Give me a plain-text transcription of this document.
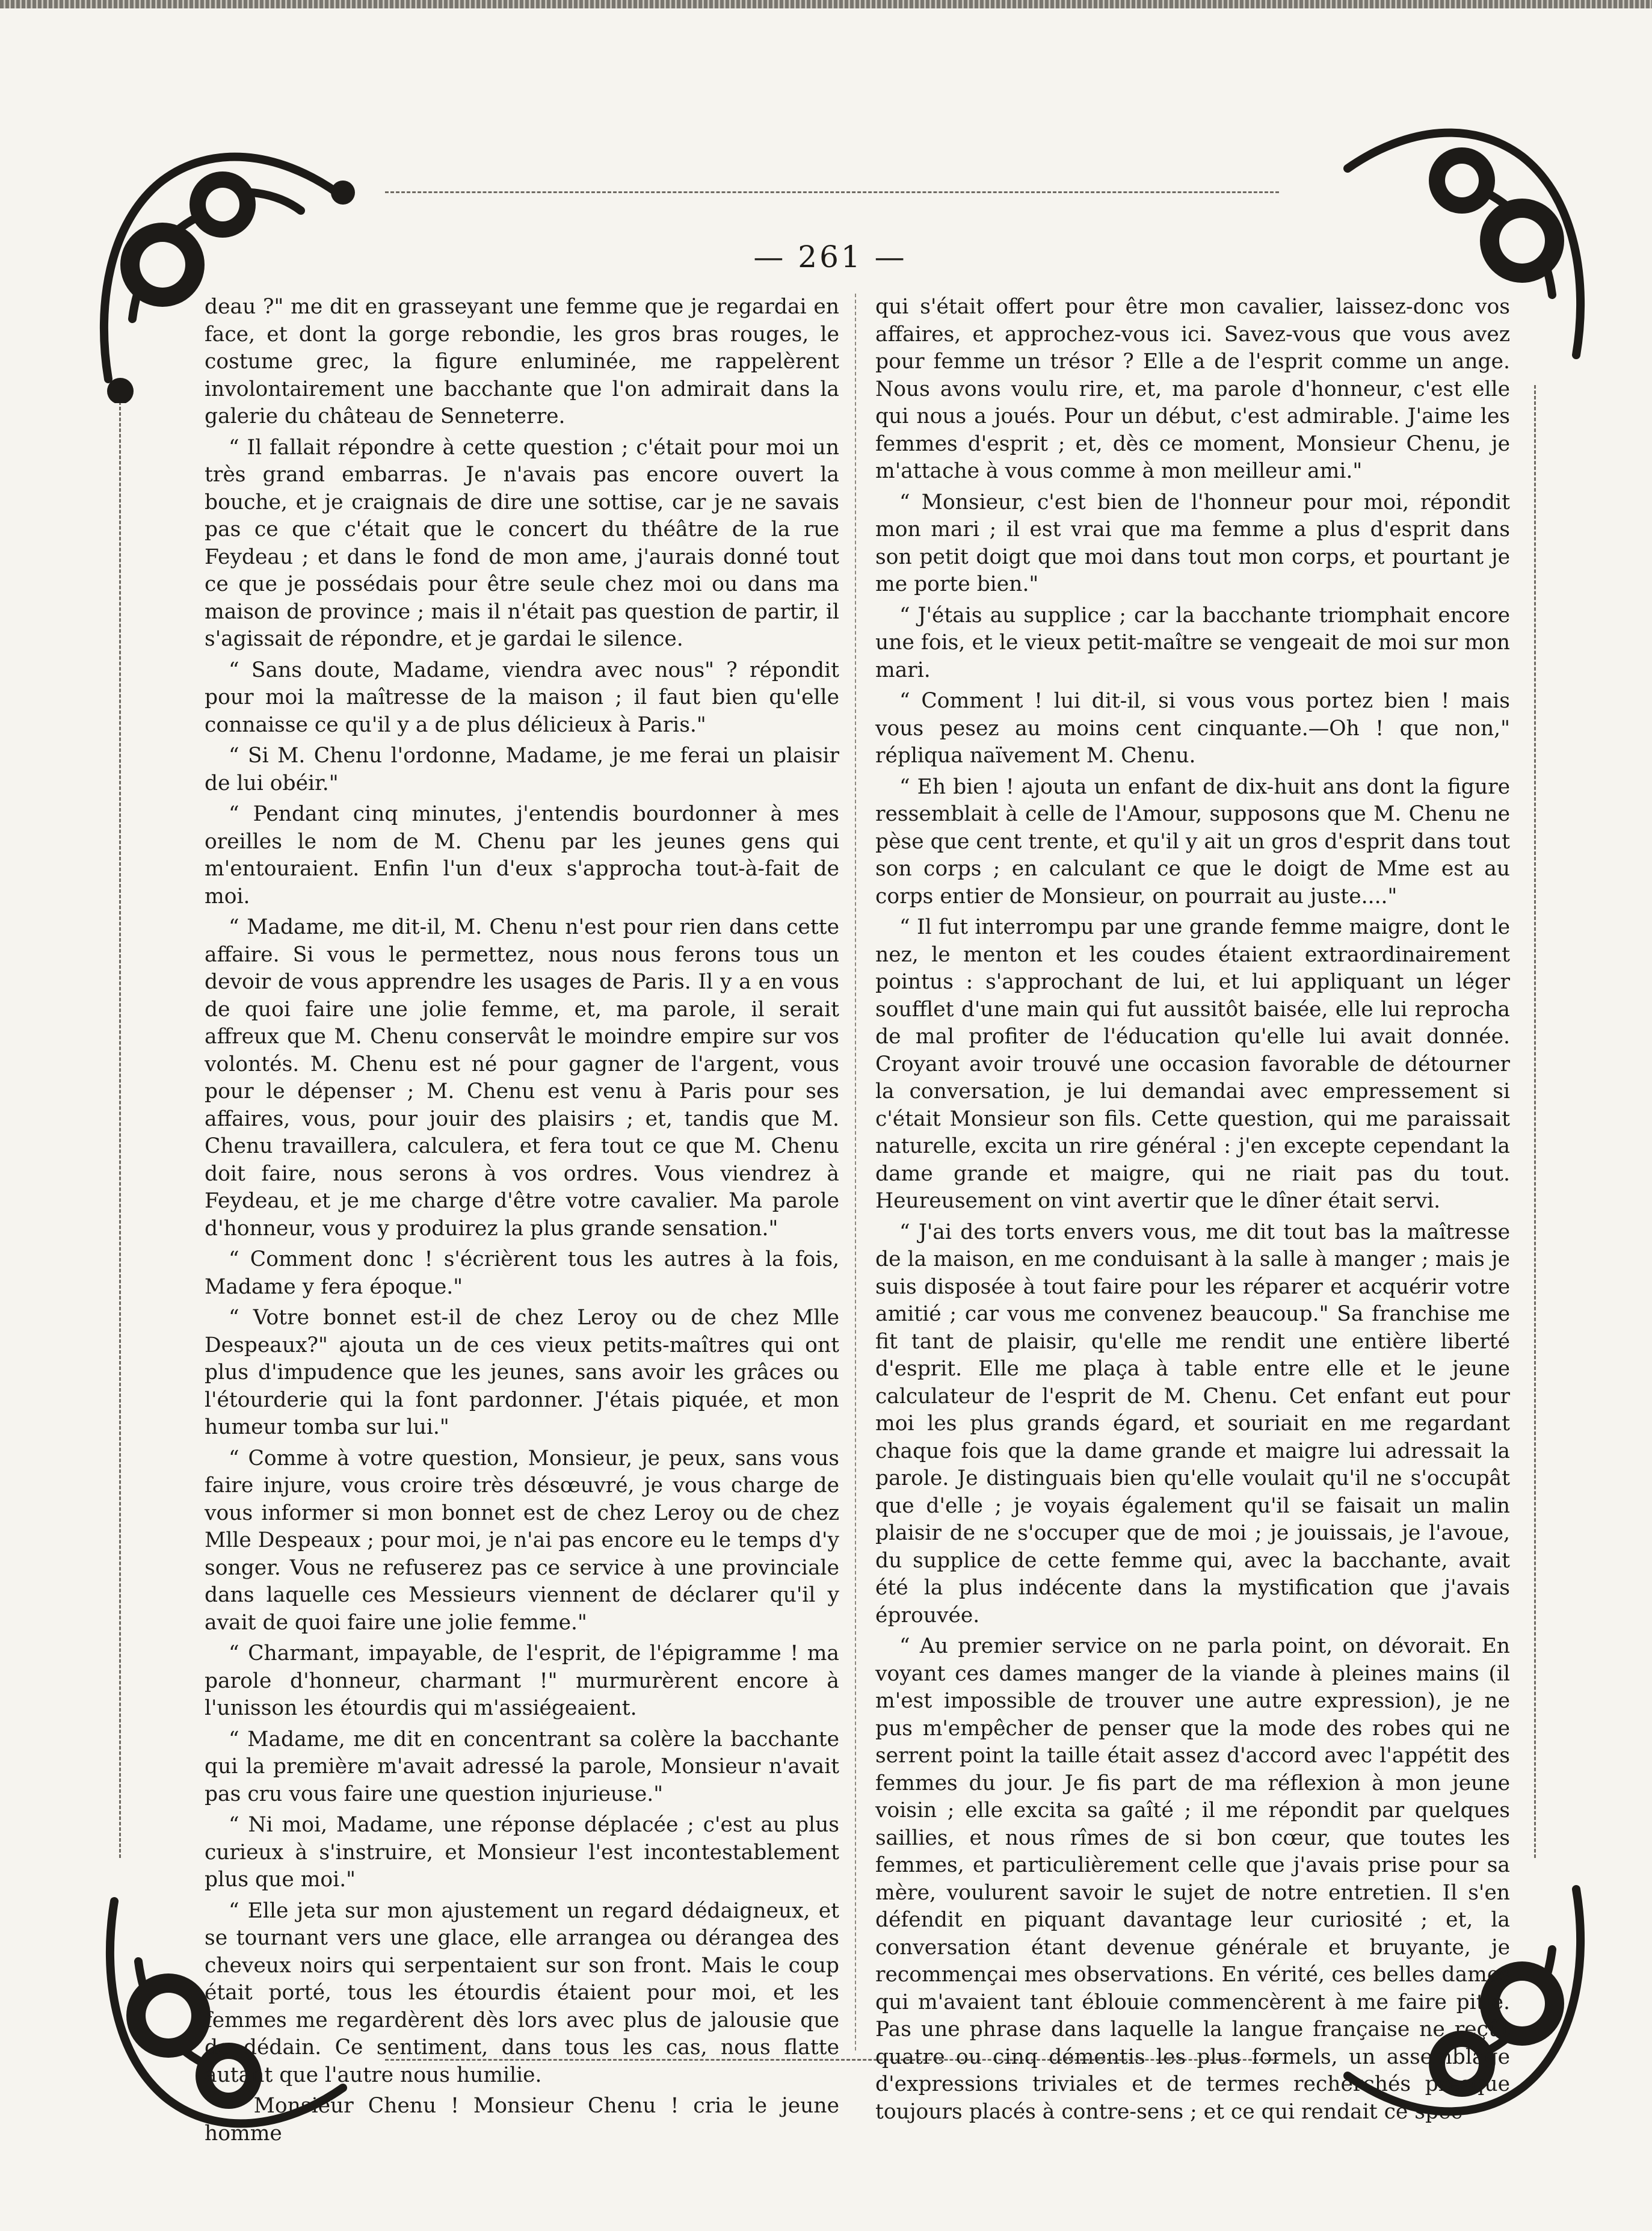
— 261 —

deau ?" me dit en grasseyant une femme que je regardai en face, et dont la gorge rebondie, les gros bras rouges, le costume grec, la figure enluminée, me rappelèrent involontairement une bacchante que l'on admirait dans la galerie du château de Senneterre.

“ Il fallait répondre à cette question ; c'était pour moi un très grand embarras. Je n'avais pas encore ouvert la bouche, et je craignais de dire une sottise, car je ne savais pas ce que c'était que le concert du théâtre de la rue Feydeau ; et dans le fond de mon ame, j'aurais donné tout ce que je possédais pour être seule chez moi ou dans ma maison de province ; mais il n'était pas question de partir, il s'agissait de répondre, et je gardai le silence.

“ Sans doute, Madame, viendra avec nous" ? répondit pour moi la maîtresse de la maison ; il faut bien qu'elle connaisse ce qu'il y a de plus délicieux à Paris."

“ Si M. Chenu l'ordonne, Madame, je me ferai un plaisir de lui obéir."

“ Pendant cinq minutes, j'entendis bourdonner à mes oreilles le nom de M. Chenu par les jeunes gens qui m'entouraient. Enfin l'un d'eux s'approcha tout-à-fait de moi.

“ Madame, me dit-il, M. Chenu n'est pour rien dans cette affaire. Si vous le permettez, nous nous ferons tous un devoir de vous apprendre les usages de Paris. Il y a en vous de quoi faire une jolie femme, et, ma parole, il serait affreux que M. Chenu conservât le moindre empire sur vos volontés. M. Chenu est né pour gagner de l'argent, vous pour le dépenser ; M. Chenu est venu à Paris pour ses affaires, vous, pour jouir des plaisirs ; et, tandis que M. Chenu travaillera, calculera, et fera tout ce que M. Chenu doit faire, nous serons à vos ordres. Vous viendrez à Feydeau, et je me charge d'être votre cavalier. Ma parole d'honneur, vous y produirez la plus grande sensation."

“ Comment donc ! s'écrièrent tous les autres à la fois, Madame y fera époque."

“ Votre bonnet est-il de chez Leroy ou de chez Mlle Despeaux?" ajouta un de ces vieux petits-maîtres qui ont plus d'impudence que les jeunes, sans avoir les grâces ou l'étourderie qui la font pardonner. J'étais piquée, et mon humeur tomba sur lui."

“ Comme à votre question, Monsieur, je peux, sans vous faire injure, vous croire très désœuvré, je vous charge de vous informer si mon bonnet est de chez Leroy ou de chez Mlle Despeaux ; pour moi, je n'ai pas encore eu le temps d'y songer. Vous ne refuserez pas ce service à une provinciale dans laquelle ces Messieurs viennent de déclarer qu'il y avait de quoi faire une jolie femme."

“ Charmant, impayable, de l'esprit, de l'épigramme ! ma parole d'honneur, charmant !" murmurèrent encore à l'unisson les étourdis qui m'assiégeaient.

“ Madame, me dit en concentrant sa colère la bacchante qui la première m'avait adressé la parole, Monsieur n'avait pas cru vous faire une question injurieuse."

“ Ni moi, Madame, une réponse déplacée ; c'est au plus curieux à s'instruire, et Monsieur l'est incontestablement plus que moi."

“ Elle jeta sur mon ajustement un regard dédaigneux, et se tournant vers une glace, elle arrangea ou dérangea des cheveux noirs qui serpentaient sur son front. Mais le coup était porté, tous les étourdis étaient pour moi, et les femmes me regardèrent dès lors avec plus de jalousie que de dédain. Ce sentiment, dans tous les cas, nous flatte autant que l'autre nous humilie.

“ Monsieur Chenu ! Monsieur Chenu ! cria le jeune homme

qui s'était offert pour être mon cavalier, laissez-donc vos affaires, et approchez-vous ici. Savez-vous que vous avez pour femme un trésor ? Elle a de l'esprit comme un ange. Nous avons voulu rire, et, ma parole d'honneur, c'est elle qui nous a joués. Pour un début, c'est admirable. J'aime les femmes d'esprit ; et, dès ce moment, Monsieur Chenu, je m'attache à vous comme à mon meilleur ami."

“ Monsieur, c'est bien de l'honneur pour moi, répondit mon mari ; il est vrai que ma femme a plus d'esprit dans son petit doigt que moi dans tout mon corps, et pourtant je me porte bien."

“ J'étais au supplice ; car la bacchante triomphait encore une fois, et le vieux petit-maître se vengeait de moi sur mon mari.

“ Comment ! lui dit-il, si vous vous portez bien ! mais vous pesez au moins cent cinquante.—Oh ! que non," répliqua naïvement M. Chenu.

“ Eh bien ! ajouta un enfant de dix-huit ans dont la figure ressemblait à celle de l'Amour, supposons que M. Chenu ne pèse que cent trente, et qu'il y ait un gros d'esprit dans tout son corps ; en calculant ce que le doigt de Mme est au corps entier de Monsieur, on pourrait au juste...."

“ Il fut interrompu par une grande femme maigre, dont le nez, le menton et les coudes étaient extraordinairement pointus : s'approchant de lui, et lui appliquant un léger soufflet d'une main qui fut aussitôt baisée, elle lui reprocha de mal profiter de l'éducation qu'elle lui avait donnée. Croyant avoir trouvé une occasion favorable de détourner la conversation, je lui demandai avec empressement si c'était Monsieur son fils. Cette question, qui me paraissait naturelle, excita un rire général : j'en excepte cependant la dame grande et maigre, qui ne riait pas du tout. Heureusement on vint avertir que le dîner était servi.

“ J'ai des torts envers vous, me dit tout bas la maîtresse de la maison, en me conduisant à la salle à manger ; mais je suis disposée à tout faire pour les réparer et acquérir votre amitié ; car vous me convenez beaucoup." Sa franchise me fit tant de plaisir, qu'elle me rendit une entière liberté d'esprit. Elle me plaça à table entre elle et le jeune calculateur de l'esprit de M. Chenu. Cet enfant eut pour moi les plus grands égard, et souriait en me regardant chaque fois que la dame grande et maigre lui adressait la parole. Je distinguais bien qu'elle voulait qu'il ne s'occupât que d'elle ; je voyais également qu'il se faisait un malin plaisir de ne s'occuper que de moi ; je jouissais, je l'avoue, du supplice de cette femme qui, avec la bacchante, avait été la plus indécente dans la mystification que j'avais éprouvée.

“ Au premier service on ne parla point, on dévorait. En voyant ces dames manger de la viande à pleines mains (il m'est impossible de trouver une autre expression), je ne pus m'empêcher de penser que la mode des robes qui ne serrent point la taille était assez d'accord avec l'appétit des femmes du jour. Je fis part de ma réflexion à mon jeune voisin ; elle excita sa gaîté ; il me répondit par quelques saillies, et nous rîmes de si bon cœur, que toutes les femmes, et particulièrement celle que j'avais prise pour sa mère, voulurent savoir le sujet de notre entretien. Il s'en défendit en piquant davantage leur curiosité ; et, la conversation étant devenue générale et bruyante, je recommençai mes observations. En vérité, ces belles dames qui m'avaient tant éblouie commencèrent à me faire pitié. Pas une phrase dans laquelle la langue française ne reçût quatre ou cinq démentis les plus formels, un assemblage d'expressions triviales et de termes recherchés presque toujours placés à contre-sens ; et ce qui rendait ce spec-
